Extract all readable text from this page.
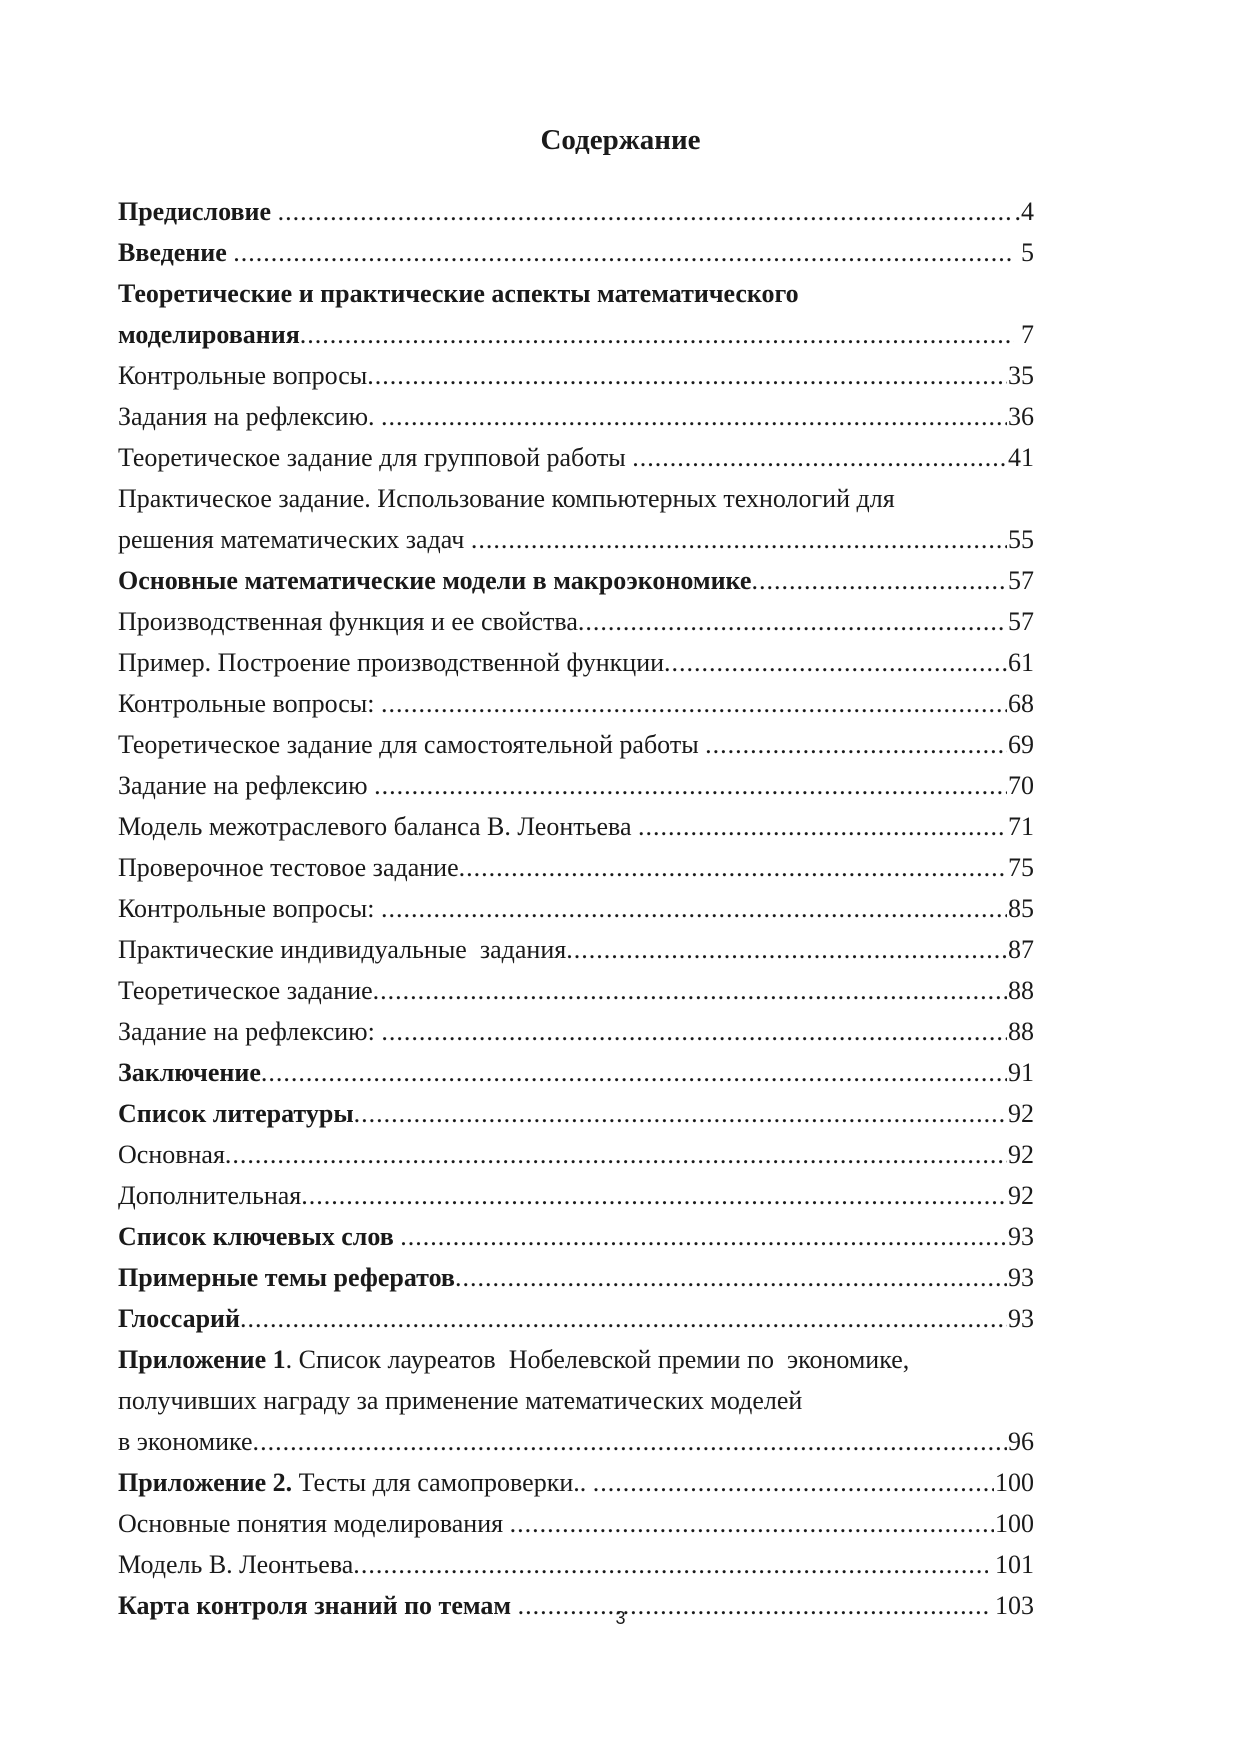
Содержание
Предисловие . .....	.4
Введение . .....	5
Теоретические и практические аспекты математического
моделирования. .....	7
Контрольные вопросы. .....	35
Задания на рефлексию. . .....	36
Теоретическое задание для групповой работы . .....	41
Практическое задание. Использование компьютерных технологий для
решения математических задач . .....	55
Основные математические модели в макроэкономике. .....	57
Производственная функция и ее свойства. .....	57
Пример. Построение производственной функции. .....	61
Контрольные вопросы: . .....	68
Теоретическое задание для самостоятельной работы . .....	69
Задание на рефлексию . .....	70
Модель межотраслевого баланса В. Леонтьева . .....	71
Проверочное тестовое задание. .....	75
Контрольные вопросы: . .....	85
Практические индивидуальные  задания. .....	87
Теоретическое задание. .....	88
Задание на рефлексию: . .....	88
Заключение. .....	91
Список литературы. .....	92
Основная. .....	92
Дополнительная. .....	92
Список ключевых слов . .....	93
Примерные темы рефератов. .....	93
Глоссарий. .....	93
Приложение 1. Список лауреатов  Нобелевской премии по  экономике,
получивших награду за применение математических моделей
в экономике. .....	96
Приложение 2. Тесты для самопроверки.. . .....	100
Основные понятия моделирования . .....	100
Модель В. Леонтьева. .....	101
Карта контроля знаний по темам . .....	103
3
